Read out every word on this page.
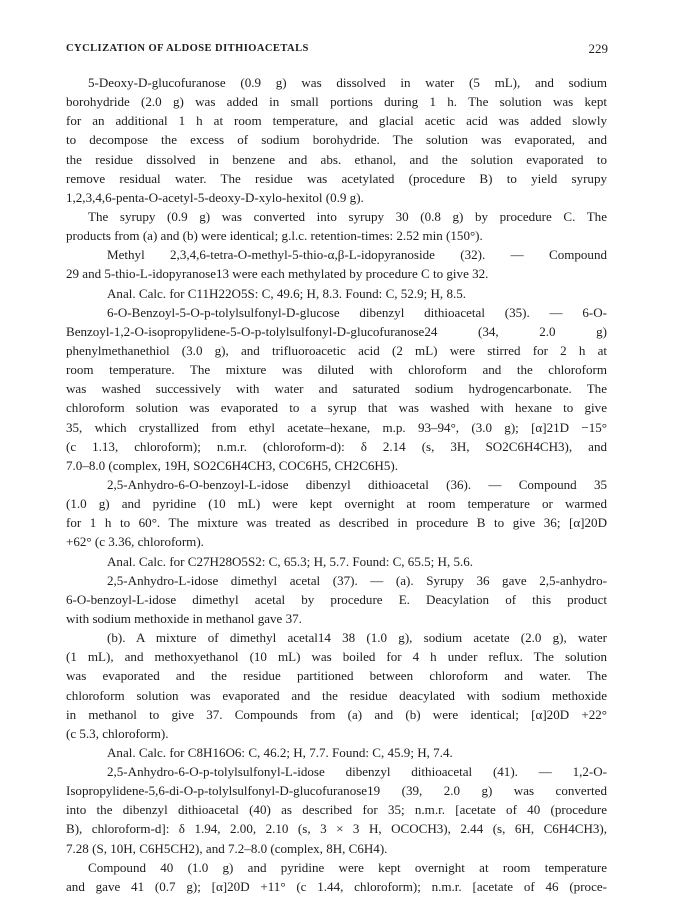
CYCLIZATION OF ALDOSE DITHIOACETALS	229
5-Deoxy-D-glucofuranose (0.9 g) was dissolved in water (5 mL), and sodium
borohydride (2.0 g) was added in small portions during 1 h. The solution was kept
for an additional 1 h at room temperature, and glacial acetic acid was added slowly
to decompose the excess of sodium borohydride. The solution was evaporated, and
the residue dissolved in benzene and abs. ethanol, and the solution evaporated to
remove residual water. The residue was acetylated (procedure B) to yield syrupy
1,2,3,4,6-penta-O-acetyl-5-deoxy-D-xylo-hexitol (0.9 g).
The syrupy (0.9 g) was converted into syrupy 30 (0.8 g) by procedure C. The
products from (a) and (b) were identical; g.l.c. retention-times: 2.52 min (150°).
Methyl 2,3,4,6-tetra-O-methyl-5-thio-α,β-L-idopyranoside (32). — Compound
29 and 5-thio-L-idopyranose13 were each methylated by procedure C to give 32.
Anal. Calc. for C11H22O5S: C, 49.6; H, 8.3. Found: C, 52.9; H, 8.5.
6-O-Benzoyl-5-O-p-tolylsulfonyl-D-glucose dibenzyl dithioacetal (35). — 6-O-
Benzoyl-1,2-O-isopropylidene-5-O-p-tolylsulfonyl-D-glucofuranose24 (34, 2.0 g)
phenylmethanethiol (3.0 g), and trifluoroacetic acid (2 mL) were stirred for 2 h at
room temperature. The mixture was diluted with chloroform and the chloroform
was washed successively with water and saturated sodium hydrogencarbonate. The
chloroform solution was evaporated to a syrup that was washed with hexane to give
35, which crystallized from ethyl acetate–hexane, m.p. 93–94°, (3.0 g); [α]21D −15°
(c 1.13, chloroform); n.m.r. (chloroform-d): δ 2.14 (s, 3H, SO2C6H4CH3), and
7.0–8.0 (complex, 19H, SO2C6H4CH3, COC6H5, CH2C6H5).
2,5-Anhydro-6-O-benzoyl-L-idose dibenzyl dithioacetal (36). — Compound 35
(1.0 g) and pyridine (10 mL) were kept overnight at room temperature or warmed
for 1 h to 60°. The mixture was treated as described in procedure B to give 36; [α]20D
+62° (c 3.36, chloroform).
Anal. Calc. for C27H28O5S2: C, 65.3; H, 5.7. Found: C, 65.5; H, 5.6.
2,5-Anhydro-L-idose dimethyl acetal (37). — (a). Syrupy 36 gave 2,5-anhydro-
6-O-benzoyl-L-idose dimethyl acetal by procedure E. Deacylation of this product
with sodium methoxide in methanol gave 37.
(b). A mixture of dimethyl acetal14 38 (1.0 g), sodium acetate (2.0 g), water
(1 mL), and methoxyethanol (10 mL) was boiled for 4 h under reflux. The solution
was evaporated and the residue partitioned between chloroform and water. The
chloroform solution was evaporated and the residue deacylated with sodium methoxide
in methanol to give 37. Compounds from (a) and (b) were identical; [α]20D +22°
(c 5.3, chloroform).
Anal. Calc. for C8H16O6: C, 46.2; H, 7.7. Found: C, 45.9; H, 7.4.
2,5-Anhydro-6-O-p-tolylsulfonyl-L-idose dibenzyl dithioacetal (41). — 1,2-O-
Isopropylidene-5,6-di-O-p-tolylsulfonyl-D-glucofuranose19 (39, 2.0 g) was converted
into the dibenzyl dithioacetal (40) as described for 35; n.m.r. [acetate of 40 (procedure
B), chloroform-d]: δ 1.94, 2.00, 2.10 (s, 3 × 3 H, OCOCH3), 2.44 (s, 6H, C6H4CH3),
7.28 (S, 10H, C6H5CH2), and 7.2–8.0 (complex, 8H, C6H4).
Compound 40 (1.0 g) and pyridine were kept overnight at room temperature
and gave 41 (0.7 g); [α]20D +11° (c 1.44, chloroform); n.m.r. [acetate of 46 (proce-
